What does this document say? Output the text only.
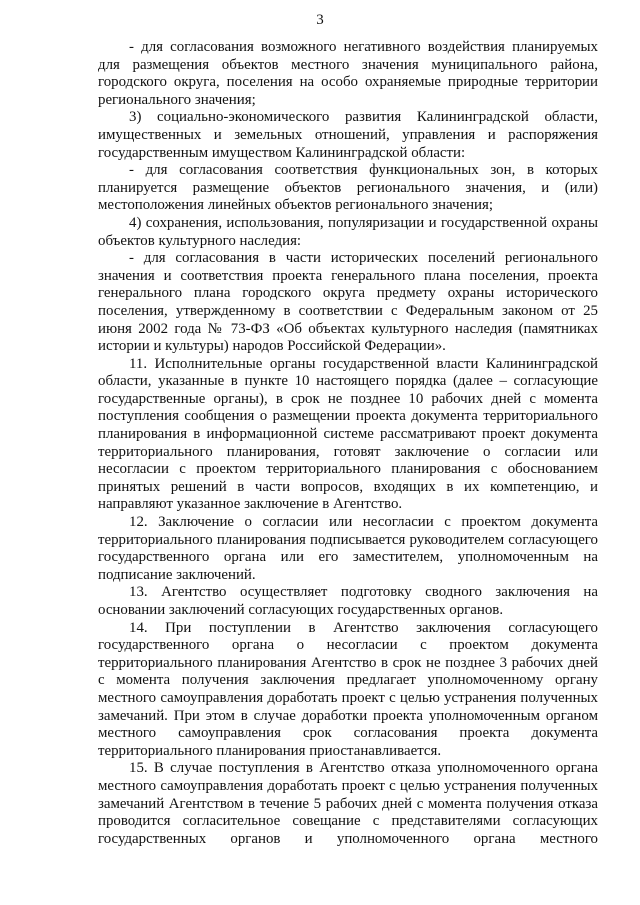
3

- для согласования возможного негативного воздействия планируемых для размещения объектов местного значения муниципального района, городского округа, поселения на особо охраняемые природные территории регионального значения;

3) социально-экономического развития Калининградской области, имущественных и земельных отношений, управления и распоряжения государственным имуществом Калининградской области:

- для согласования соответствия функциональных зон, в которых планируется размещение объектов регионального значения, и (или) местоположения линейных объектов регионального значения;

4) сохранения, использования, популяризации и государственной охраны объектов культурного наследия:

- для согласования в части исторических поселений регионального значения и соответствия проекта генерального плана поселения, проекта генерального плана городского округа предмету охраны исторического поселения, утвержденному в соответствии с Федеральным законом от 25 июня 2002 года № 73-ФЗ «Об объектах культурного наследия (памятниках истории и культуры) народов Российской Федерации».

11. Исполнительные органы государственной власти Калининградской области, указанные в пункте 10 настоящего порядка (далее – согласующие государственные органы), в срок не позднее 10 рабочих дней с момента поступления сообщения о размещении проекта документа территориального планирования в информационной системе рассматривают проект документа территориального планирования, готовят заключение о согласии или несогласии с проектом территориального планирования с обоснованием принятых решений в части вопросов, входящих в их компетенцию, и направляют указанное заключение в Агентство.

12. Заключение о согласии или несогласии с проектом документа территориального планирования подписывается руководителем согласующего государственного органа или его заместителем, уполномоченным на подписание заключений.

13. Агентство осуществляет подготовку сводного заключения на основании заключений согласующих государственных органов.

14. При поступлении в Агентство заключения согласующего государственного органа о несогласии с проектом документа территориального планирования Агентство в срок не позднее 3 рабочих дней с момента получения заключения предлагает уполномоченному органу местного самоуправления доработать проект с целью устранения полученных замечаний. При этом в случае доработки проекта уполномоченным органом местного самоуправления срок согласования проекта документа территориального планирования приостанавливается.

15. В случае поступления в Агентство отказа уполномоченного органа местного самоуправления доработать проект с целью устранения полученных замечаний Агентством в течение 5 рабочих дней с момента получения отказа проводится согласительное совещание с представителями согласующих государственных органов и уполномоченного органа местного
